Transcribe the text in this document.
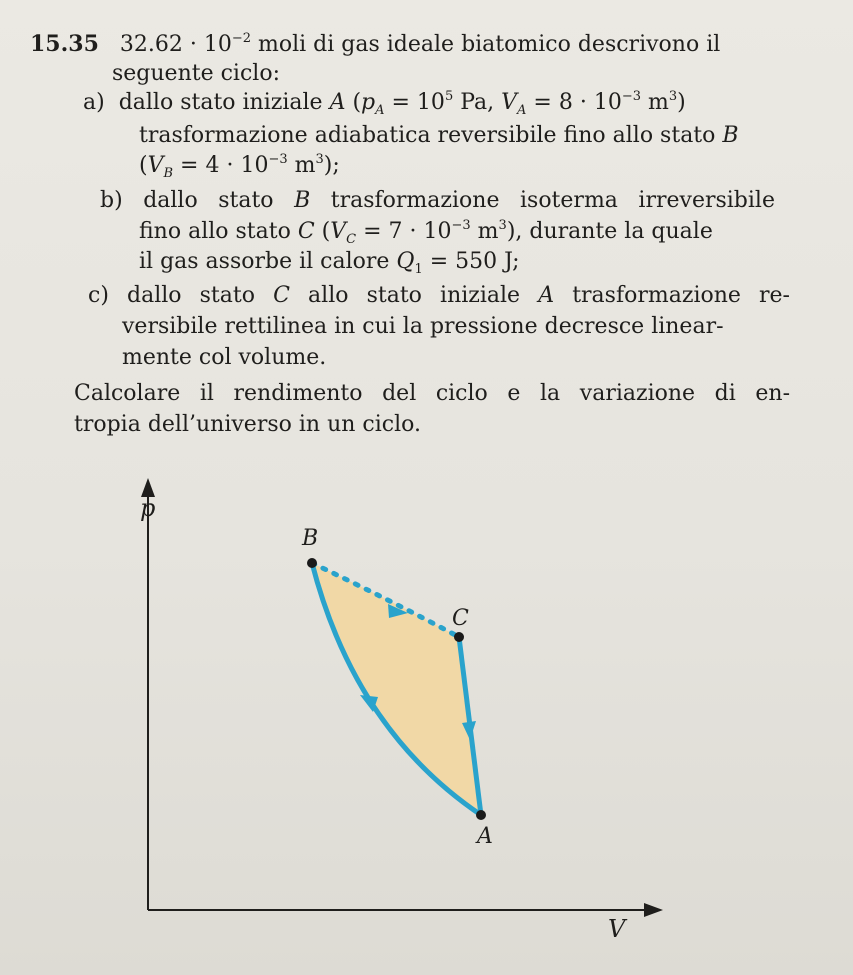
15.35   $32.62 \cdot 10^{-2}$ moli di gas ideale biatomico descrivono il
seguente ciclo:
a)  dallo stato iniziale A ($p_A = 10^5$ Pa, $V_A = 8 \cdot 10^{-3}$ $m^3$)
trasformazione adiabatica reversibile fino allo stato B
($V_B = 4 \cdot 10^{-3}$ $m^3$);
b) dallo stato B trasformazione isoterma irreversibile
fino allo stato C ($V_C = 7 \cdot 10^{-3}$ $m^3$), durante la quale
il gas assorbe il calore $Q_1 = 550$ J;
c) dallo stato C allo stato iniziale A trasformazione re-
versibile rettilinea in cui la pressione decresce linear-
mente col volume.
Calcolare il rendimento del ciclo e la variazione di en-
tropia dell’universo in un ciclo.
p
V
B
C
A
